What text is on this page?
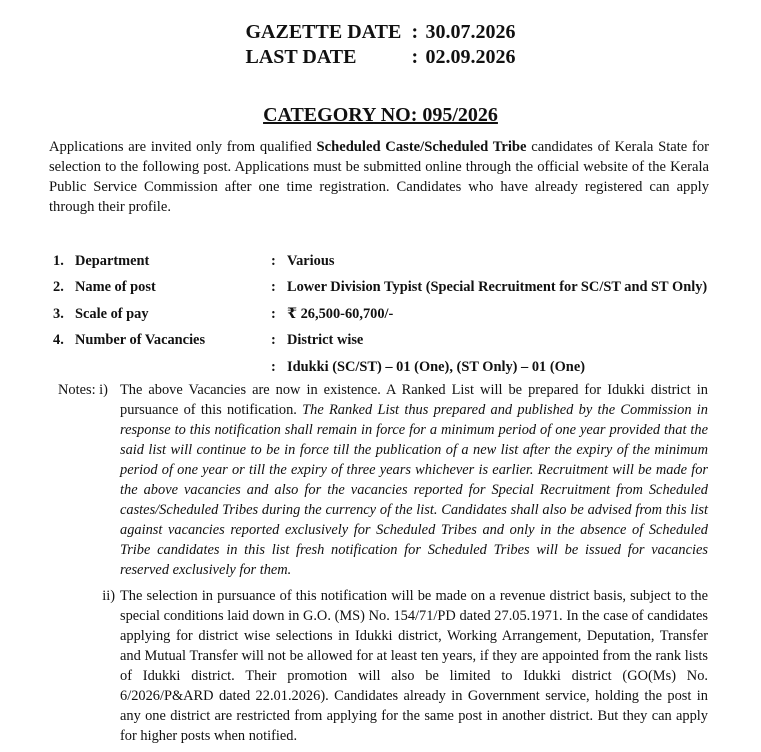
GAZETTE DATE : 30.07.2026
LAST DATE	: 02.09.2026
CATEGORY NO: 095/2026
Applications are invited only from qualified Scheduled Caste/Scheduled Tribe candidates of Kerala State for selection to the following post. Applications must be submitted online through the official website of the Kerala Public Service Commission after one time registration. Candidates who have already registered can apply through their profile.
1. Department	: Various
2. Name of post	: Lower Division Typist (Special Recruitment for SC/ST and ST Only)
3. Scale of pay	: ₹ 26,500-60,700/-
4. Number of Vacancies	: District wise
: Idukki (SC/ST) – 01 (One), (ST Only) – 01 (One)
Notes: i) The above Vacancies are now in existence. A Ranked List will be prepared for Idukki district in pursuance of this notification. The Ranked List thus prepared and published by the Commission in response to this notification shall remain in force for a minimum period of one year provided that the said list will continue to be in force till the publication of a new list after the expiry of the minimum period of one year or till the expiry of three years whichever is earlier. Recruitment will be made for the above vacancies and also for the vacancies reported for Special Recruitment from Scheduled castes/Scheduled Tribes during the currency of the list. Candidates shall also be advised from this list against vacancies reported exclusively for Scheduled Tribes and only in the absence of Scheduled Tribe candidates in this list fresh notification for Scheduled Tribes will be issued for vacancies reserved exclusively for them.
ii) The selection in pursuance of this notification will be made on a revenue district basis, subject to the special conditions laid down in G.O. (MS) No. 154/71/PD dated 27.05.1971. In the case of candidates applying for district wise selections in Idukki district, Working Arrangement, Deputation, Transfer and Mutual Transfer will not be allowed for at least ten years, if they are appointed from the rank lists of Idukki district. Their promotion will also be limited to Idukki district (GO(Ms) No. 6/2026/P&ARD dated 22.01.2026). Candidates already in Government service, holding the post in any one district are restricted from applying for the same post in another district. But they can apply for higher posts when notified.
